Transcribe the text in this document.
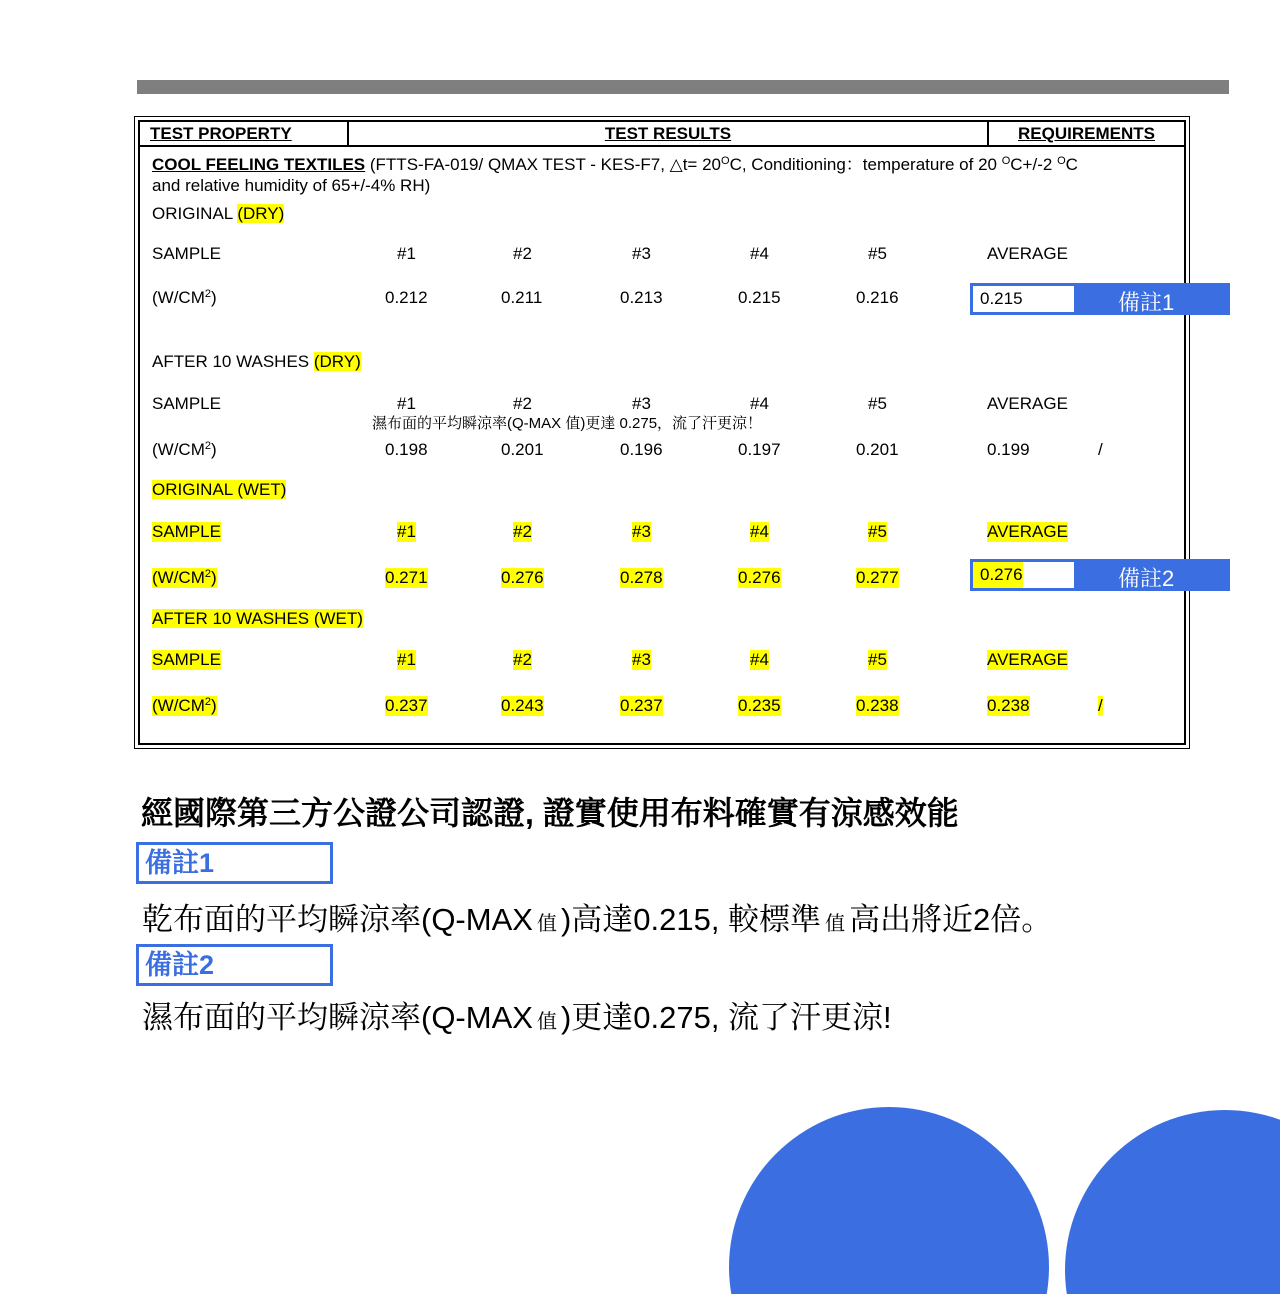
TEST PROPERTY	TEST RESULTS	REQUIREMENTS
COOL FEELING TEXTILES (FTTS-FA-019/ QMAX TEST - KES-F7, △t= $20^OC$, Conditioning：temperature of 20 $^O$C+/-2 $^O$C
and relative humidity of 65+/-4% RH)
ORIGINAL (DRY)
SAMPLE	#1	#2	#3	#4	#5	AVERAGE
$(W/CM^2)$	0.212	0.211	0.213	0.215	0.216	0.215	備註1
AFTER 10 WASHES (DRY)
SAMPLE	#1	#2	#3	#4	#5	AVERAGE
濕布面的平均瞬涼率(Q-MAX 值)更達 0.275，流了汗更涼！
$(W/CM^2)$	0.198	0.201	0.196	0.197	0.201	0.199	/
ORIGINAL (WET)
SAMPLE	#1	#2	#3	#4	#5	AVERAGE
$(W/CM^2)$	0.271	0.276	0.278	0.276	0.277	0.276	備註2
AFTER 10 WASHES (WET)
SAMPLE	#1	#2	#3	#4	#5	AVERAGE
$(W/CM^2)$	0.237	0.243	0.237	0.235	0.238	0.238	/
經國際第三方公證公司認證, 證實使用布料確實有涼感效能
備註1
乾布面的平均瞬涼率(Q-MAX 值 )高達0.215, 較標準 值 高出將近2倍。
備註2
濕布面的平均瞬涼率(Q-MAX 值 )更達0.275, 流了汗更涼!
